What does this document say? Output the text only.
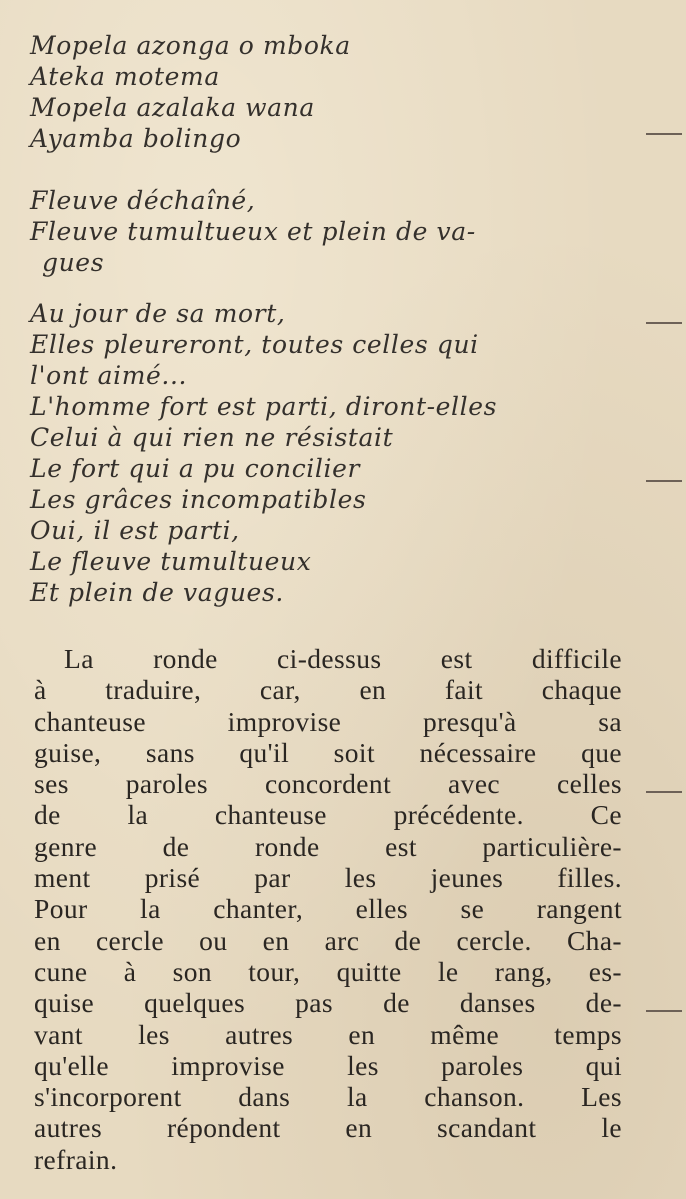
Mopela azonga o mboka
Ateka motema
Mopela azalaka wana
Ayamba bolingo
Fleuve déchaîné,
Fleuve tumultueux et plein de va-
gues
Au jour de sa mort,
Elles pleureront, toutes celles qui
l'ont aimé...
L'homme fort est parti, diront-elles
Celui à qui rien ne résistait
Le fort qui a pu concilier
Les grâces incompatibles
Oui, il est parti,
Le fleuve tumultueux
Et plein de vagues.
La ronde ci-dessus est difficile
à traduire, car, en fait chaque
chanteuse improvise presqu'à sa
guise, sans qu'il soit nécessaire que
ses paroles concordent avec celles
de la chanteuse précédente. Ce
genre de ronde est particulière-
ment prisé par les jeunes filles.
Pour la chanter, elles se rangent
en cercle ou en arc de cercle. Cha-
cune à son tour, quitte le rang, es-
quise quelques pas de danses de-
vant les autres en même temps
qu'elle improvise les paroles qui
s'incorporent dans la chanson. Les
autres répondent en scandant le
refrain.
